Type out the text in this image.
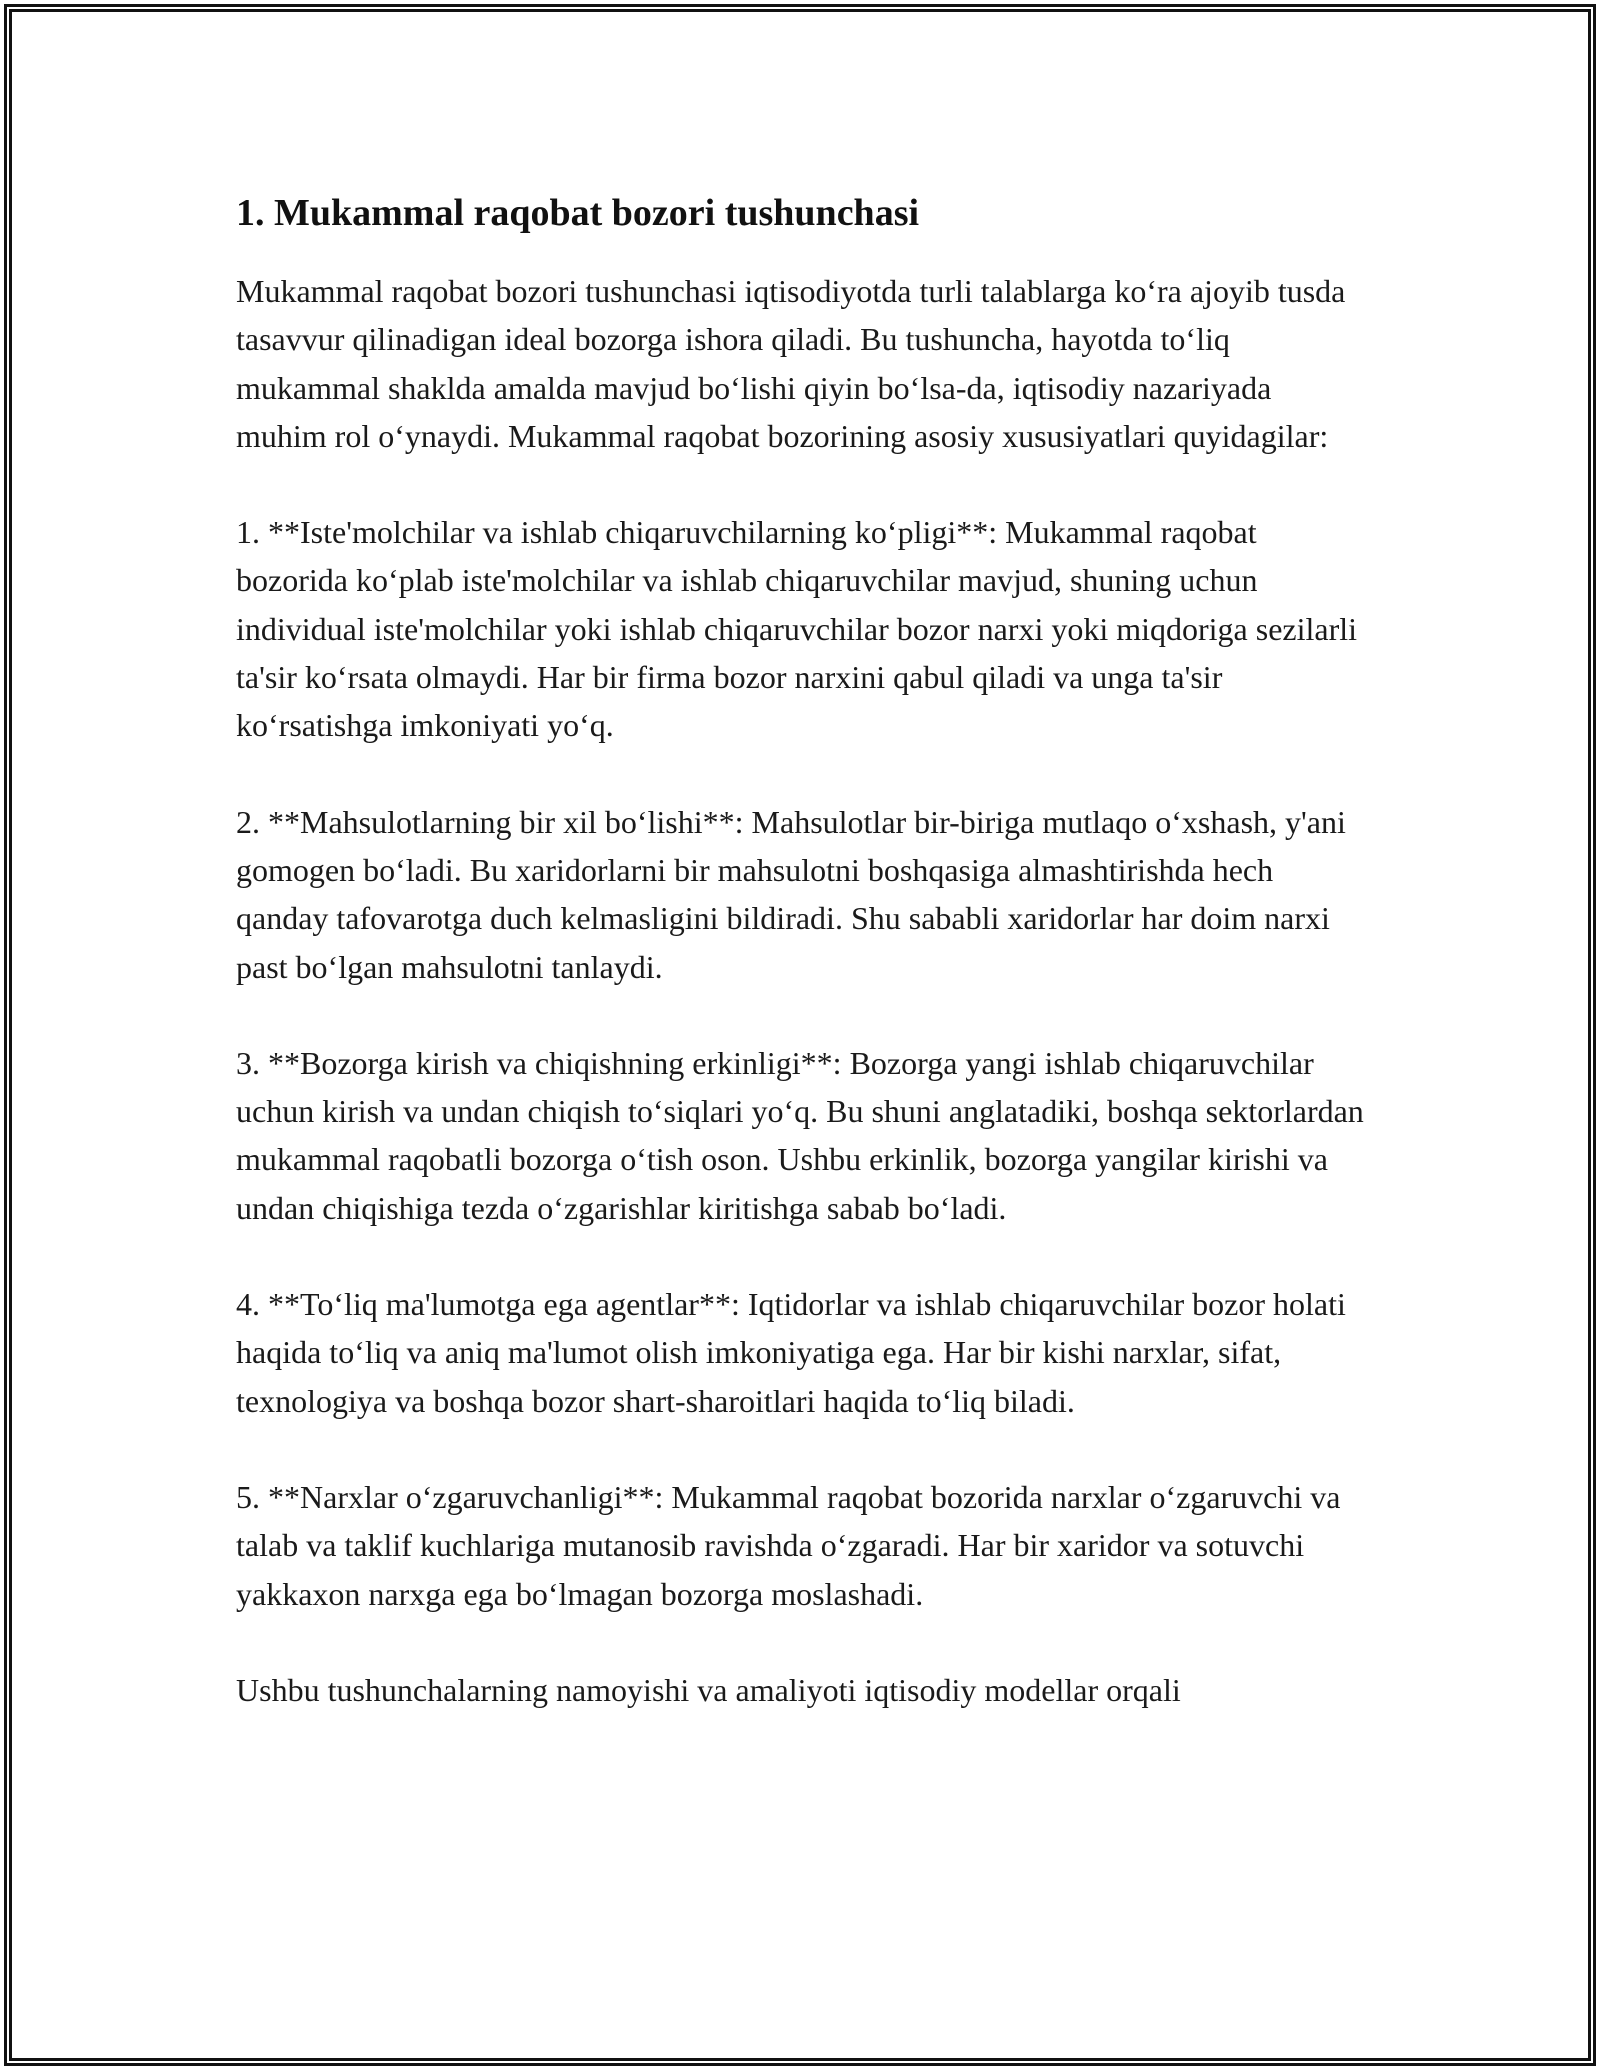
1. Mukammal raqobat bozori tushunchasi

Mukammal raqobat bozori tushunchasi iqtisodiyotda turli talablarga koʻra ajoyib tusda tasavvur qilinadigan ideal bozorga ishora qiladi. Bu tushuncha, hayotda toʻliq mukammal shakldа amalda mavjud boʻlishi qiyin boʻlsa-da, iqtisodiy nazariyada muhim rol oʻynaydi. Mukammal raqobat bozorining asosiy xususiyatlari quyidagilar:

1. **Iste'molchilar va ishlab chiqaruvchilarning koʻpligi**: Mukammal raqobat bozorida koʻplab iste'molchilar va ishlab chiqaruvchilar mavjud, shuning uchun individual iste'molchilar yoki ishlab chiqaruvchilar bozor narxi yoki miqdoriga sezilarli ta'sir koʻrsata olmaydi. Har bir firma bozor narxini qabul qiladi va unga ta'sir koʻrsatishga imkoniyati yoʻq.

2. **Mahsulotlarning bir xil boʻlishi**: Mahsulotlar bir-biriga mutlaqo oʻxshash, y'ani gomogen boʻladi. Bu xaridorlarni bir mahsulotni boshqasiga almashtirishda hech qanday tafovarotga duch kelmasligini bildiradi. Shu sababli xaridorlar har doim narxi past boʻlgan mahsulotni tanlaydi.

3. **Bozorga kirish va chiqishning erkinligi**: Bozorga yangi ishlab chiqaruvchilar uchun kirish va undan chiqish toʻsiqlari yoʻq. Bu shuni anglatadiki, boshqa sektorlardan mukammal raqobatli bozorga oʻtish oson. Ushbu erkinlik, bozorga yangilar kirishi va undan chiqishiga tezda oʻzgarishlar kiritishga sabab boʻladi.

4. **Toʻliq ma'lumotga ega agentlar**: Iqtidorlar va ishlab chiqaruvchilar bozor holati haqida toʻliq va aniq ma'lumot olish imkoniyatiga ega. Har bir kishi narxlar, sifat, texnologiya va boshqa bozor shart-sharoitlari haqida toʻliq biladi.

5. **Narxlar oʻzgaruvchanligi**: Mukammal raqobat bozorida narxlar oʻzgaruvchi va talab va taklif kuchlariga mutanosib ravishda oʻzgaradi. Har bir xaridor va sotuvchi yakkaxon narxga ega boʻlmagan bozorga moslashadi.

Ushbu tushunchalarning namoyishi va amaliyoti iqtisodiy modellar orqali
